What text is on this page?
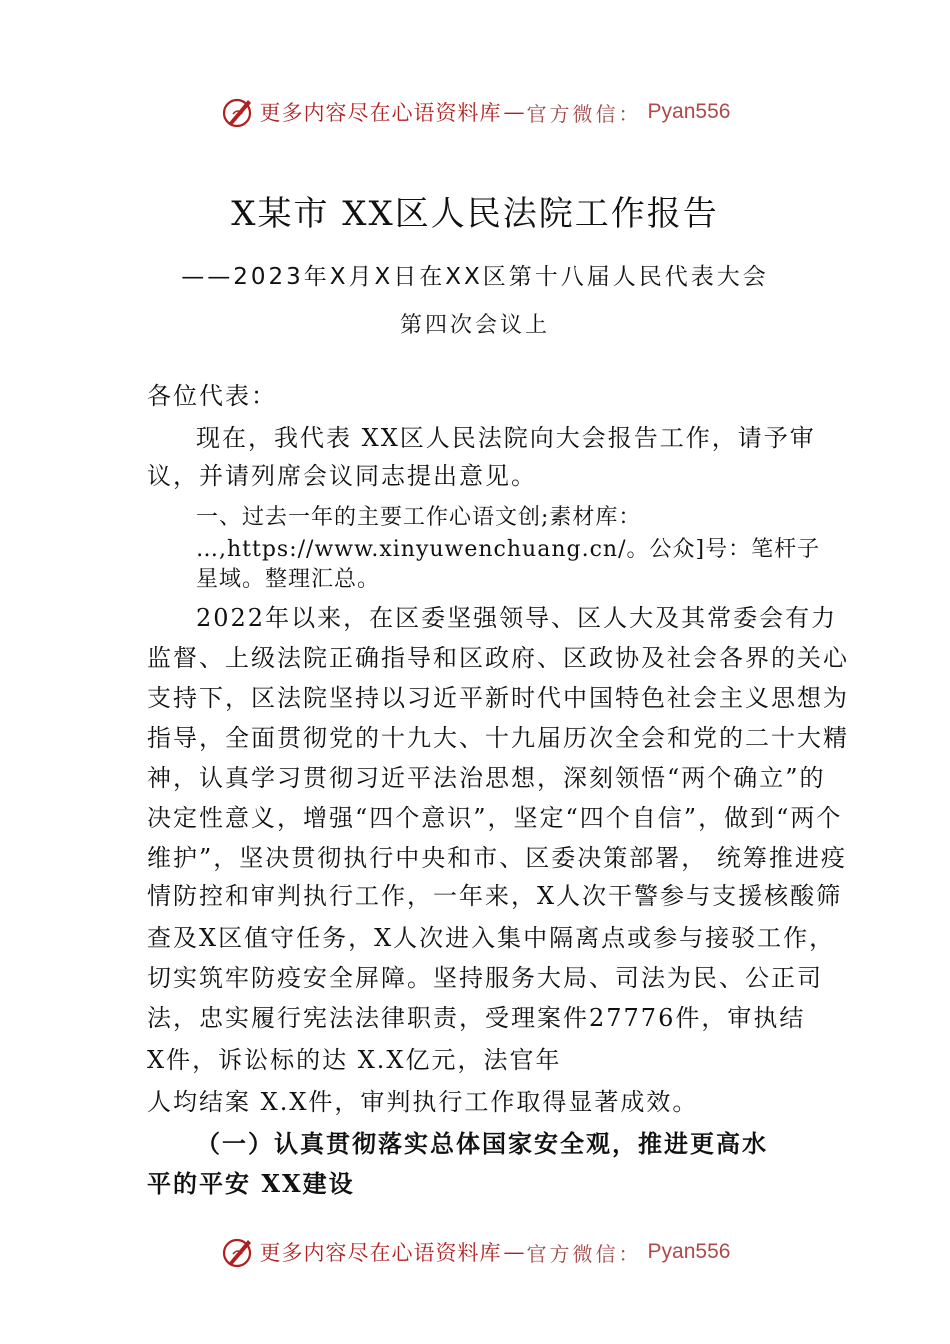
更多内容尽在心语资料库 — 官方微信： Pyan556
X某市 XX区人民法院工作报告
——2023年X月X日在XX区第十八届人民代表大会
第四次会议上
各位代表：
现在，我代表 XX区人民法院向大会报告工作，请予审
议，并请列席会议同志提出意见。
一、过去一年的主要工作心语文创;素材库：
…,https://www.xinyuwenchuang.cn/。公众]号：笔杆子
星域。整理汇总。
2022年以来，在区委坚强领导、区人大及其常委会有力
监督、上级法院正确指导和区政府、区政协及社会各界的关心
支持下，区法院坚持以习近平新时代中国特色社会主义思想为
指导，全面贯彻党的十九大、十九届历次全会和党的二十大精
神，认真学习贯彻习近平法治思想，深刻领悟“两个确立”的
决定性意义，增强“四个意识”，坚定“四个自信”，做到“两个
维护”，坚决贯彻执行中央和市、区委决策部署， 统筹推进疫
情防控和审判执行工作，一年来，X人次干警参与支援核酸筛
查及X区值守任务，X人次进入集中隔离点或参与接驳工作，
切实筑牢防疫安全屏障。坚持服务大局、司法为民、公正司
法，忠实履行宪法法律职责，受理案件27776件，审执结
X件，诉讼标的达 X.X亿元，法官年
人均结案 X.X件，审判执行工作取得显著成效。
（一）认真贯彻落实总体国家安全观，推进更高水
平的平安 XX建设
更多内容尽在心语资料库 — 官方微信： Pyan556
